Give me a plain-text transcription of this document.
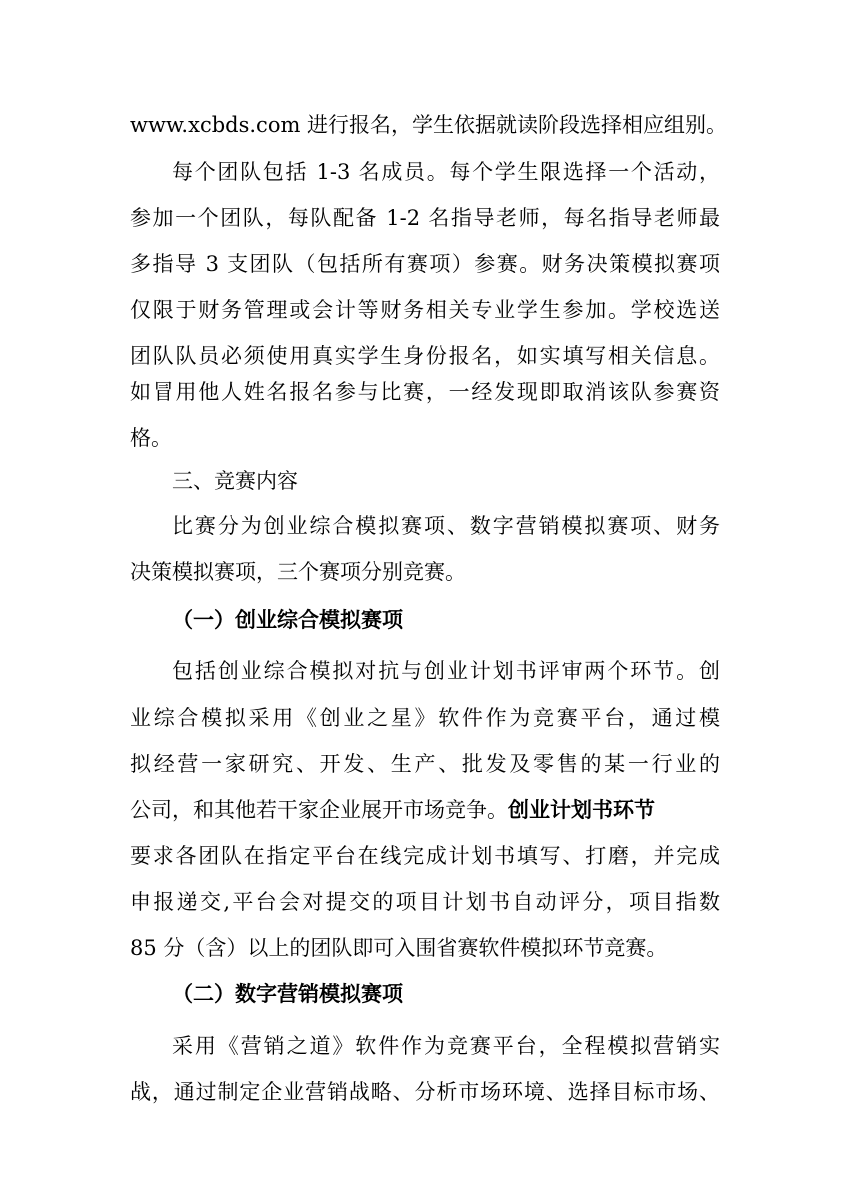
www.xcbds.com 进行报名，学生依据就读阶段选择相应组别。
每个团队包括 1-3 名成员。每个学生限选择一个活动，
参加一个团队，每队配备 1-2 名指导老师，每名指导老师最
多指导 3 支团队（包括所有赛项）参赛。财务决策模拟赛项
仅限于财务管理或会计等财务相关专业学生参加。学校选送
团队队员必须使用真实学生身份报名，如实填写相关信息。
如冒用他人姓名报名参与比赛，一经发现即取消该队参赛资
格。
三、竞赛内容
比赛分为创业综合模拟赛项、数字营销模拟赛项、财务
决策模拟赛项，三个赛项分别竞赛。
（一）创业综合模拟赛项
包括创业综合模拟对抗与创业计划书评审两个环节。创
业综合模拟采用《创业之星》软件作为竞赛平台，通过模
拟经营一家研究、开发、生产、批发及零售的某一行业的
公司，和其他若干家企业展开市场竞争。创业计划书环节
要求各团队在指定平台在线完成计划书填写、打磨，并完成
申报递交,平台会对提交的项目计划书自动评分，项目指数
85 分（含）以上的团队即可入围省赛软件模拟环节竞赛。
（二）数字营销模拟赛项
采用《营销之道》软件作为竞赛平台，全程模拟营销实
战，通过制定企业营销战略、分析市场环境、选择目标市场、
